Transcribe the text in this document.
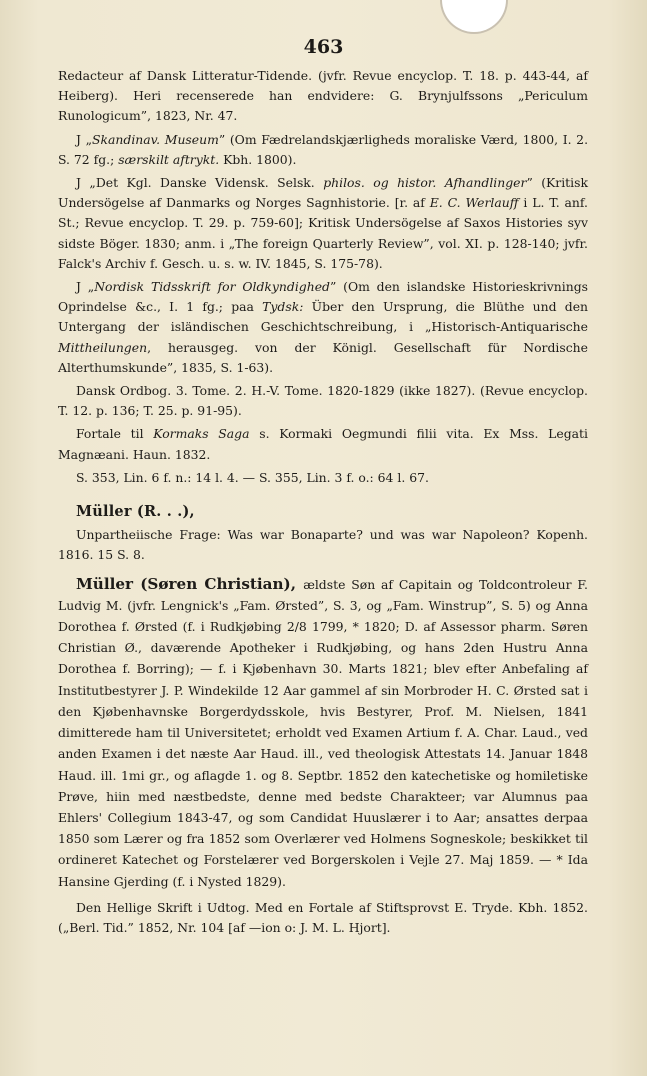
463

Redacteur af Dansk Litteratur-Tidende. (jvfr. Revue encyclop. T. 18. p. 443-44, af Heiberg). Heri recenserede han endvidere: G. Brynjulfssons „Periculum Runologicum”, 1823, Nr. 47.

J „Skandinav. Museum” (Om Fædrelandskjærligheds moraliske Værd, 1800, I. 2. S. 72 fg.; særskilt aftrykt. Kbh. 1800).

J „Det Kgl. Danske Vidensk. Selsk. philos. og histor. Afhandlinger” (Kritisk Undersögelse af Danmarks og Norges Sagnhistorie. [r. af E. C. Werlauff i L. T. anf. St.; Revue encyclop. T. 29. p. 759-60]; Kritisk Undersögelse af Saxos Histories syv sidste Böger. 1830; anm. i „The foreign Quarterly Review”, vol. XI. p. 128-140; jvfr. Falck's Archiv f. Gesch. u. s. w. IV. 1845, S. 175-78).

J „Nordisk Tidsskrift for Oldkyndighed” (Om den islandske Historieskrivnings Oprindelse &c., I. 1 fg.; paa Tydsk: Über den Ursprung, die Blüthe und den Untergang der isländischen Geschichtschreibung, i „Historisch-Antiquarische Mittheilungen, herausgeg. von der Königl. Gesellschaft für Nordische Alterthumskunde”, 1835, S. 1-63).

Dansk Ordbog. 3. Tome. 2. H.-V. Tome. 1820-1829 (ikke 1827). (Revue encyclop. T. 12. p. 136; T. 25. p. 91-95).

Fortale til Kormaks Saga s. Kormaki Oegmundi filii vita. Ex Mss. Legati Magnæani. Haun. 1832.

S. 353, Lin. 6 f. n.: 14 l. 4. — S. 355, Lin. 3 f. o.: 64 l. 67.

Müller (R. . .),

Unpartheiische Frage: Was war Bonaparte? und was war Napoleon? Kopenh. 1816. 15 S. 8.

Müller (Søren Christian), ældste Søn af Capitain og Toldcontroleur F. Ludvig M. (jvfr. Lengnick's „Fam. Ørsted”, S. 3, og „Fam. Winstrup”, S. 5) og Anna Dorothea f. Ørsted (f. i Rudkjøbing 2/8 1799, * 1820; D. af Assessor pharm. Søren Christian Ø., daværende Apotheker i Rudkjøbing, og hans 2den Hustru Anna Dorothea f. Borring); — f. i Kjøbenhavn 30. Marts 1821; blev efter Anbefaling af Institutbestyrer J. P. Windekilde 12 Aar gammel af sin Morbroder H. C. Ørsted sat i den Kjøbenhavnske Borgerdydsskole, hvis Bestyrer, Prof. M. Nielsen, 1841 dimitterede ham til Universitetet; erholdt ved Examen Artium f. A. Char. Laud., ved anden Examen i det næste Aar Haud. ill., ved theologisk Attestats 14. Januar 1848 Haud. ill. 1mi gr., og aflagde 1. og 8. Septbr. 1852 den katechetiske og homiletiske Prøve, hiin med næstbedste, denne med bedste Charakteer; var Alumnus paa Ehlers' Collegium 1843-47, og som Candidat Huuslærer i to Aar; ansattes derpaa 1850 som Lærer og fra 1852 som Overlærer ved Holmens Sogneskole; beskikket til ordineret Katechet og Forstelærer ved Borgerskolen i Vejle 27. Maj 1859. — * Ida Hansine Gjerding (f. i Nysted 1829).

Den Hellige Skrift i Udtog. Med en Fortale af Stiftsprovst E. Tryde. Kbh. 1852. („Berl. Tid.” 1852, Nr. 104 [af —ion o: J. M. L. Hjort].
